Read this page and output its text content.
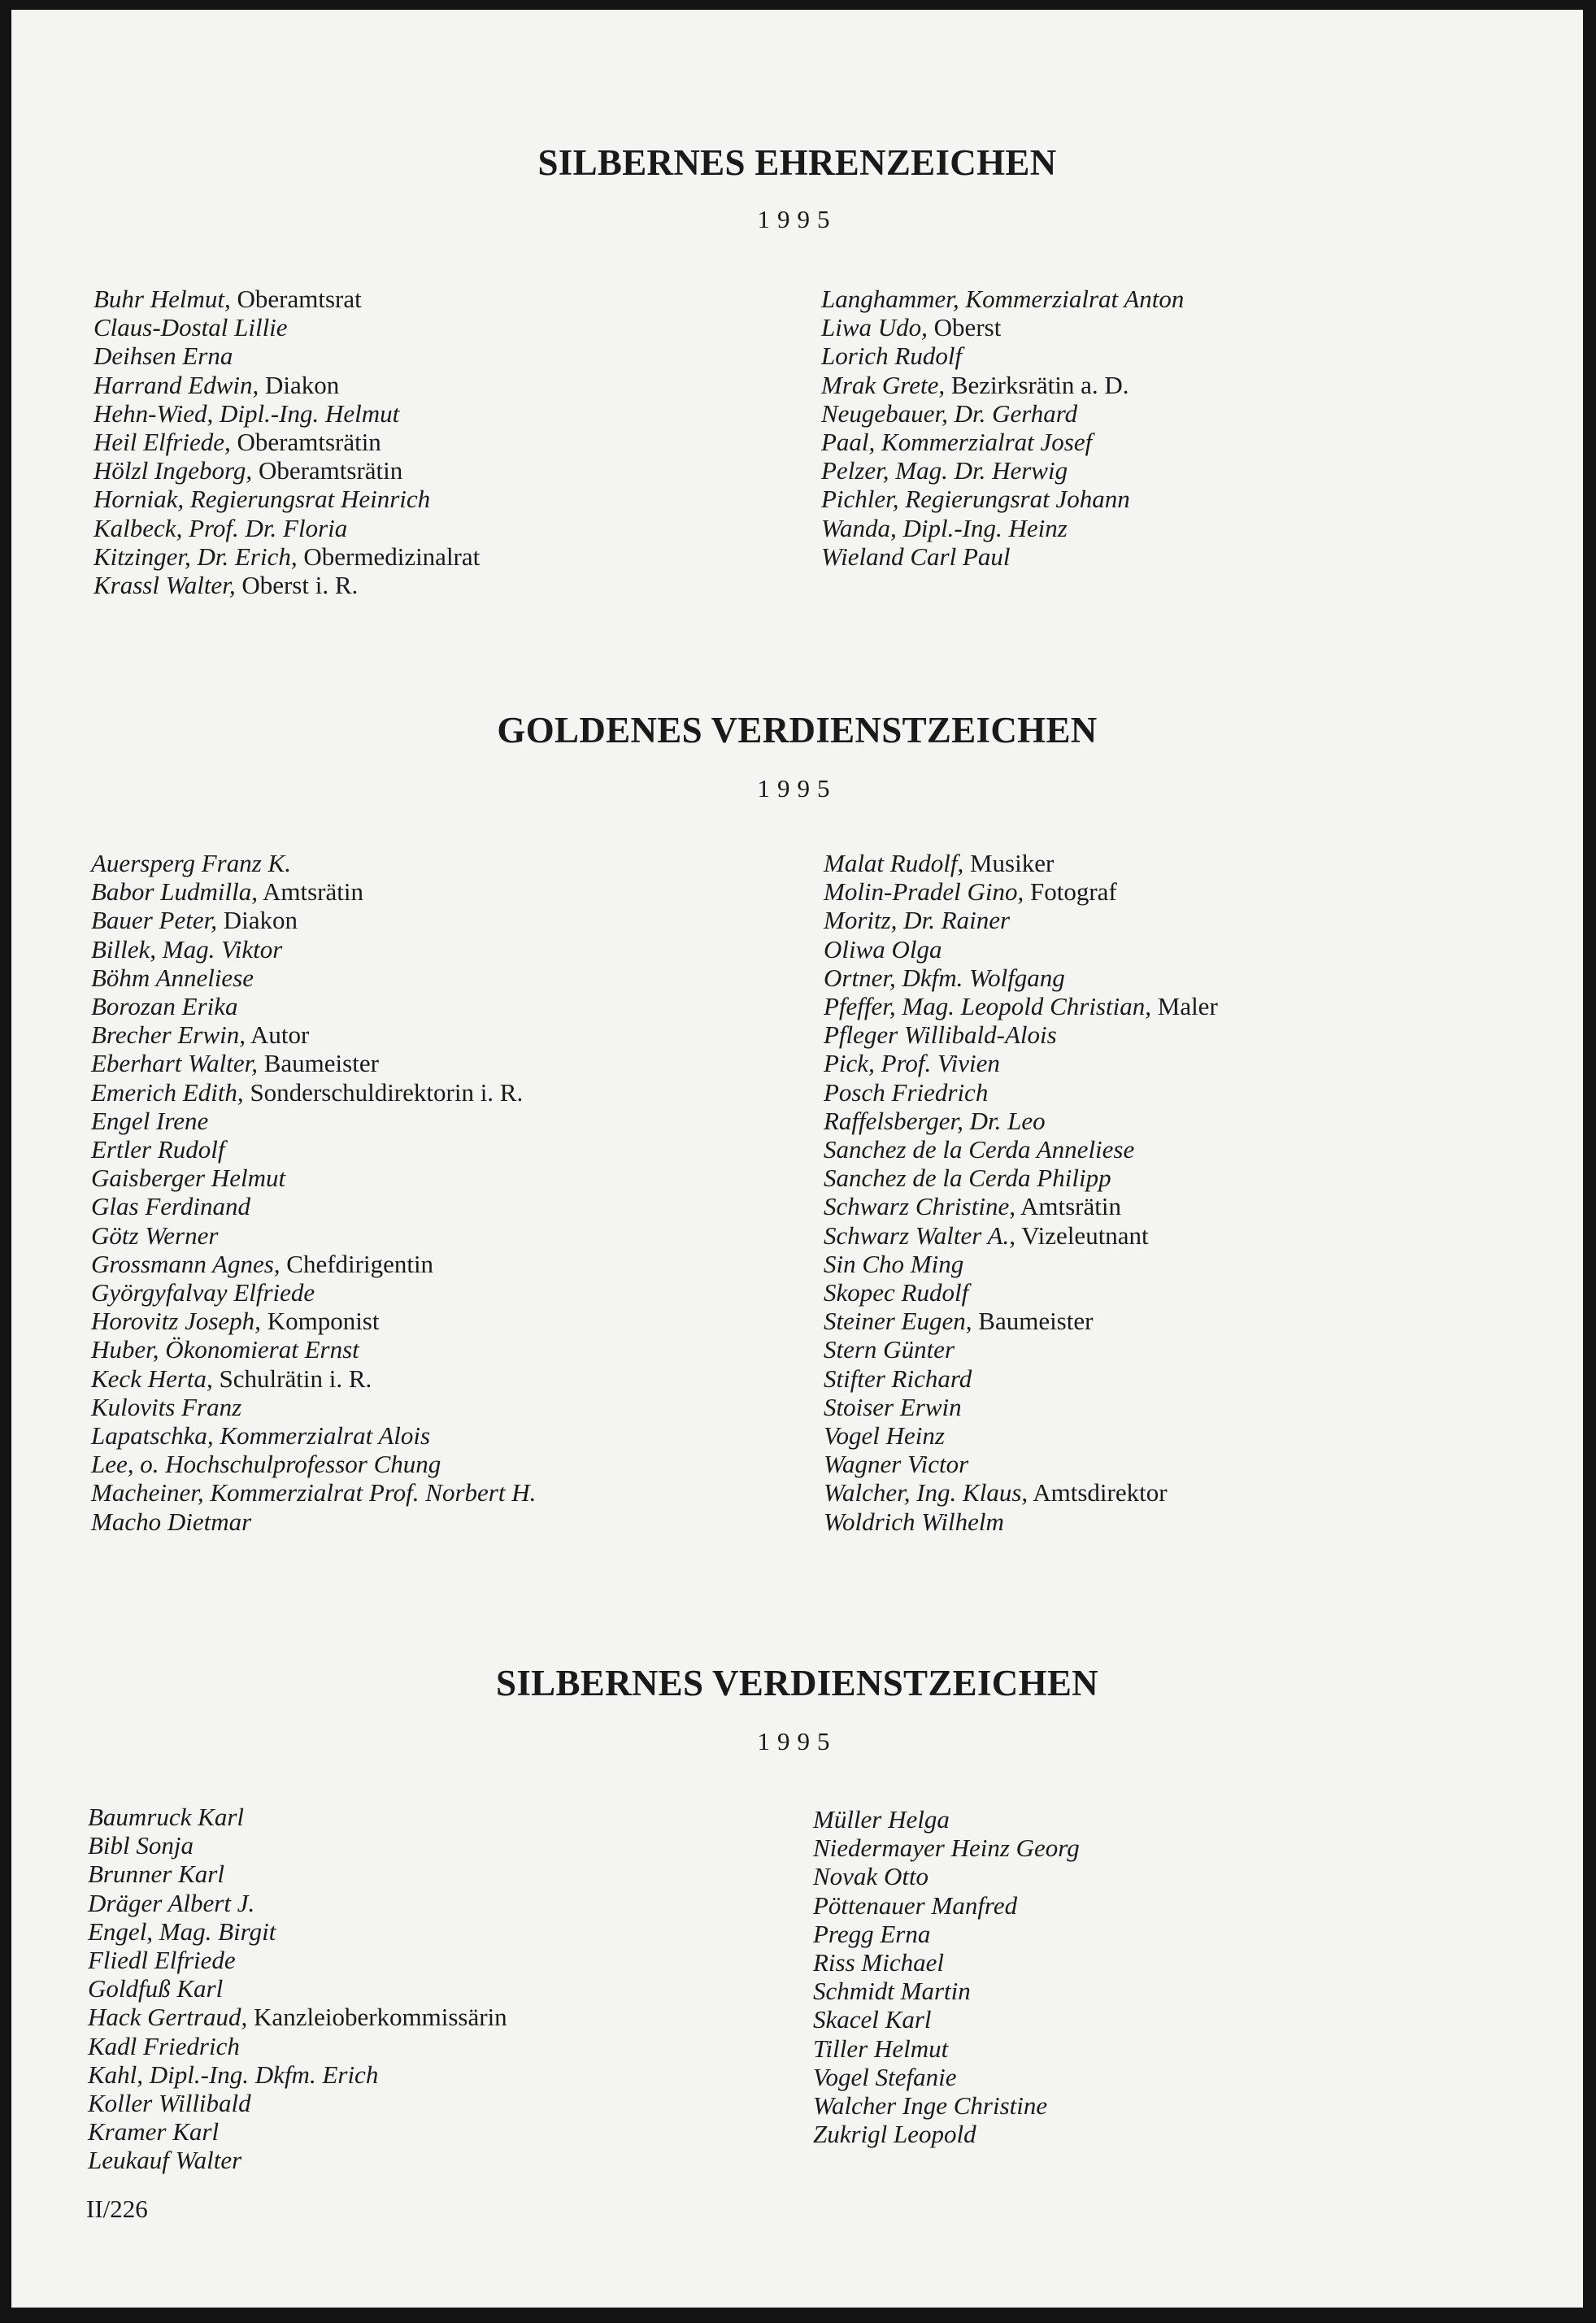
SILBERNES EHRENZEICHEN
1995
Buhr Helmut, Oberamtsrat
Claus-Dostal Lillie
Deihsen Erna
Harrand Edwin, Diakon
Hehn-Wied, Dipl.-Ing. Helmut
Heil Elfriede, Oberamtsrätin
Hölzl Ingeborg, Oberamtsrätin
Horniak, Regierungsrat Heinrich
Kalbeck, Prof. Dr. Floria
Kitzinger, Dr. Erich, Obermedizinalrat
Krassl Walter, Oberst i. R.
Langhammer, Kommerzialrat Anton
Liwa Udo, Oberst
Lorich Rudolf
Mrak Grete, Bezirksrätin a. D.
Neugebauer, Dr. Gerhard
Paal, Kommerzialrat Josef
Pelzer, Mag. Dr. Herwig
Pichler, Regierungsrat Johann
Wanda, Dipl.-Ing. Heinz
Wieland Carl Paul
GOLDENES VERDIENSTZEICHEN
1995
Auersperg Franz K.
Babor Ludmilla, Amtsrätin
Bauer Peter, Diakon
Billek, Mag. Viktor
Böhm Anneliese
Borozan Erika
Brecher Erwin, Autor
Eberhart Walter, Baumeister
Emerich Edith, Sonderschuldirektorin i. R.
Engel Irene
Ertler Rudolf
Gaisberger Helmut
Glas Ferdinand
Götz Werner
Grossmann Agnes, Chefdirigentin
Györgyfalvay Elfriede
Horovitz Joseph, Komponist
Huber, Ökonomierat Ernst
Keck Herta, Schulrätin i. R.
Kulovits Franz
Lapatschka, Kommerzialrat Alois
Lee, o. Hochschulprofessor Chung
Macheiner, Kommerzialrat Prof. Norbert H.
Macho Dietmar
Malat Rudolf, Musiker
Molin-Pradel Gino, Fotograf
Moritz, Dr. Rainer
Oliwa Olga
Ortner, Dkfm. Wolfgang
Pfeffer, Mag. Leopold Christian, Maler
Pfleger Willibald-Alois
Pick, Prof. Vivien
Posch Friedrich
Raffelsberger, Dr. Leo
Sanchez de la Cerda Anneliese
Sanchez de la Cerda Philipp
Schwarz Christine, Amtsrätin
Schwarz Walter A., Vizeleutnant
Sin Cho Ming
Skopec Rudolf
Steiner Eugen, Baumeister
Stern Günter
Stifter Richard
Stoiser Erwin
Vogel Heinz
Wagner Victor
Walcher, Ing. Klaus, Amtsdirektor
Woldrich Wilhelm
SILBERNES VERDIENSTZEICHEN
1995
Baumruck Karl
Bibl Sonja
Brunner Karl
Dräger Albert J.
Engel, Mag. Birgit
Fliedl Elfriede
Goldfuß Karl
Hack Gertraud, Kanzleioberkommissärin
Kadl Friedrich
Kahl, Dipl.-Ing. Dkfm. Erich
Koller Willibald
Kramer Karl
Leukauf Walter
Müller Helga
Niedermayer Heinz Georg
Novak Otto
Pöttenauer Manfred
Pregg Erna
Riss Michael
Schmidt Martin
Skacel Karl
Tiller Helmut
Vogel Stefanie
Walcher Inge Christine
Zukrigl Leopold
II/226
